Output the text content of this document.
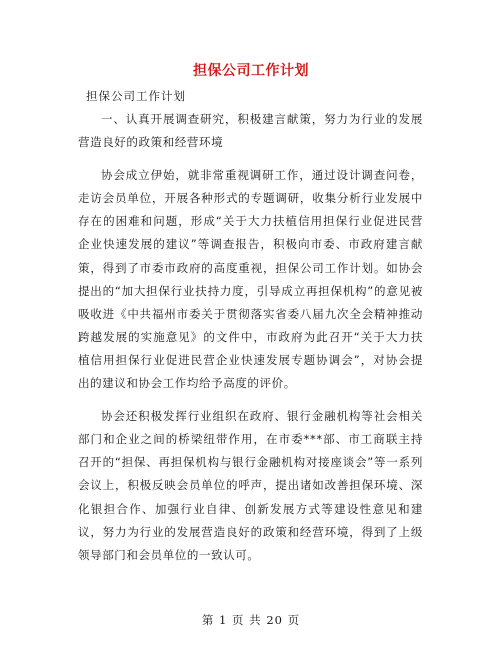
担保公司工作计划
担保公司工作计划

一、认真开展调查研究，积极建言献策，努力为行业的发展营造良好的政策和经营环境

协会成立伊始，就非常重视调研工作，通过设计调查问卷，走访会员单位，开展各种形式的专题调研，收集分析行业发展中存在的困难和问题，形成“关于大力扶植信用担保行业促进民营企业快速发展的建议”等调查报告，积极向市委、市政府建言献策，得到了市委市政府的高度重视，担保公司工作计划。如协会提出的“加大担保行业扶持力度，引导成立再担保机构”的意见被吸收进《中共福州市委关于贯彻落实省委八届九次全会精神推动跨越发展的实施意见》的文件中，市政府为此召开“关于大力扶植信用担保行业促进民营企业快速发展专题协调会”，对协会提出的建议和协会工作均给予高度的评价。

协会还积极发挥行业组织在政府、银行金融机构等社会相关部门和企业之间的桥梁纽带作用，在市委***部、市工商联主持召开的“担保、再担保机构与银行金融机构对接座谈会”等一系列会议上，积极反映会员单位的呼声，提出诸如改善担保环境、深化银担合作、加强行业自律、创新发展方式等建设性意见和建议，努力为行业的发展营造良好的政策和经营环境，得到了上级领导部门和会员单位的一致认可。

第 1 页 共 20 页
